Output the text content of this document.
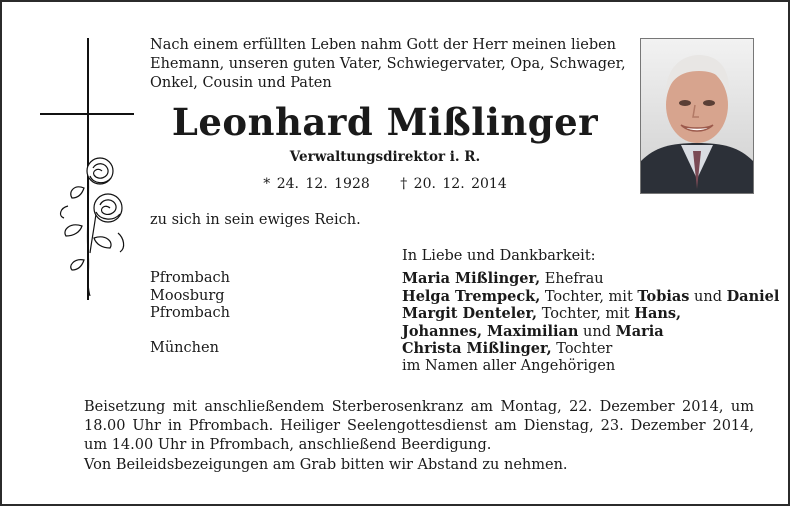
Nach einem erfüllten Leben nahm Gott der Herr meinen lieben Ehemann, unseren guten Vater, Schwiegervater, Opa, Schwager, Onkel, Cousin und Paten
Leonhard Mißlinger
Verwaltungsdirektor i. R.
* 24. 12. 1928 † 20. 12. 2014
zu sich in sein ewiges Reich.
In Liebe und Dankbarkeit:
Pfrombach
Moosburg
Pfrombach
München
Maria Mißlinger, Ehefrau
Helga Trempeck, Tochter, mit Tobias und Daniel
Margit Denteler, Tochter, mit Hans,
Johannes, Maximilian und Maria
Christa Mißlinger, Tochter
im Namen aller Angehörigen
Beisetzung mit anschließendem Sterberosenkranz am Montag, 22. Dezember 2014, um 18.00 Uhr in Pfrombach. Heiliger Seelengottesdienst am Dienstag, 23. Dezember 2014, um 14.00 Uhr in Pfrombach, anschließend Beerdigung.
Von Beileidsbezeigungen am Grab bitten wir Abstand zu nehmen.
